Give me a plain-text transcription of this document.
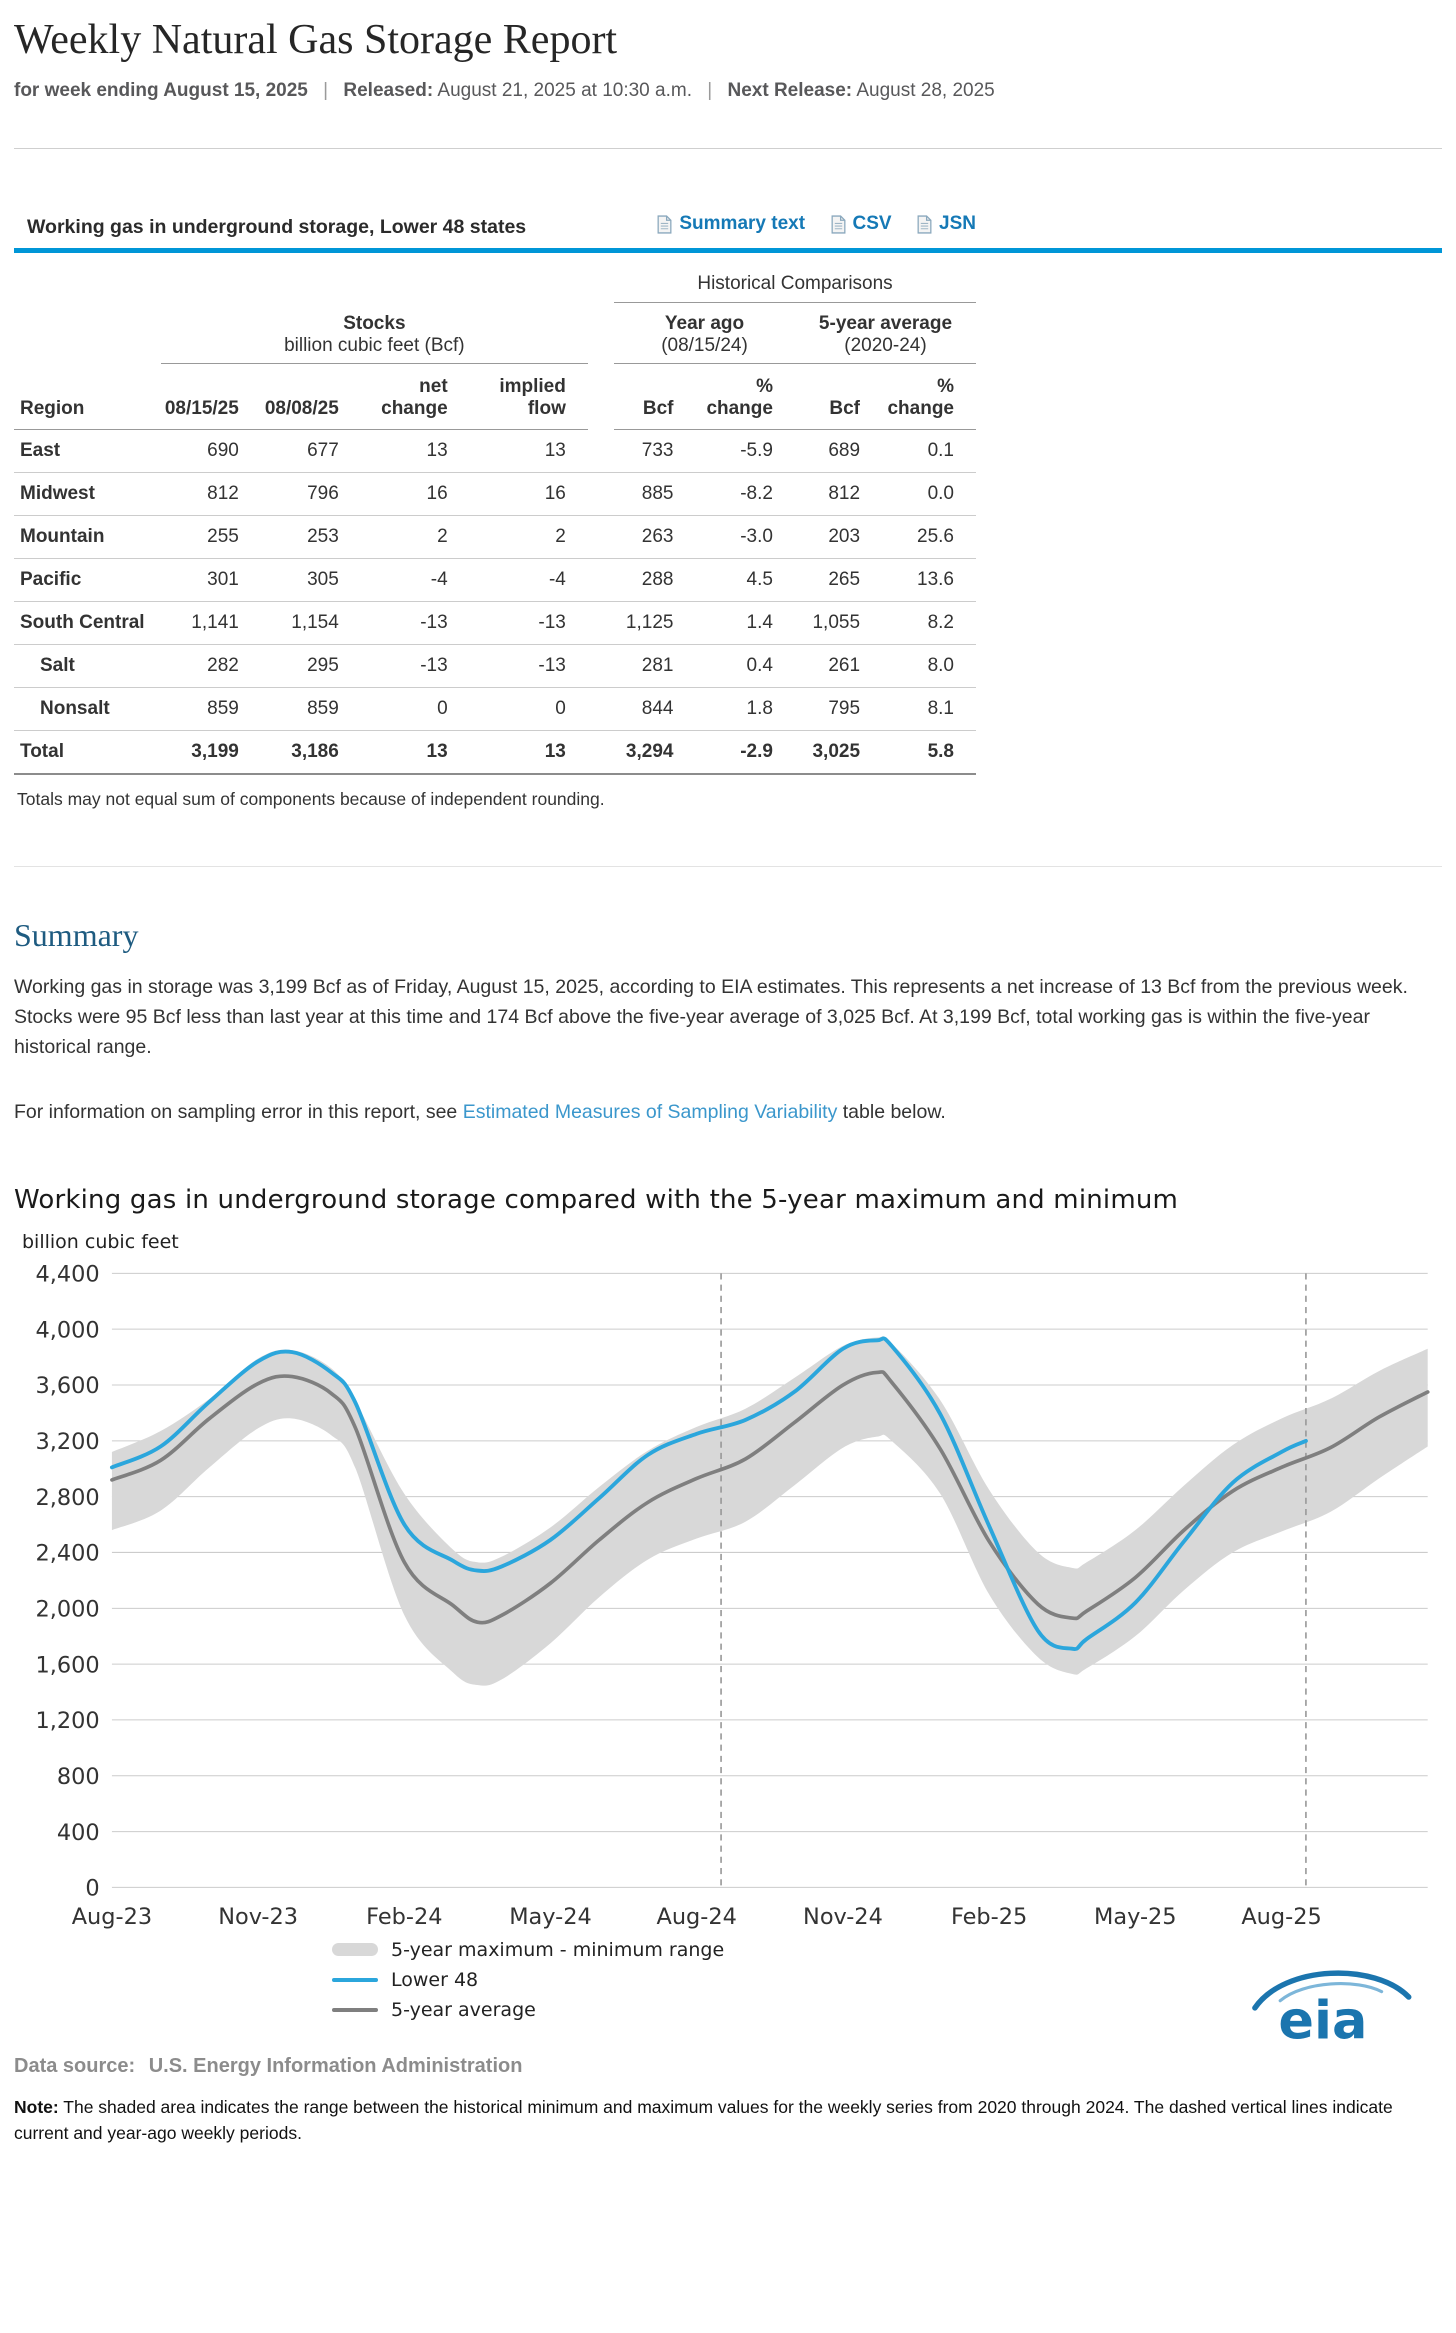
Weekly Natural Gas Storage Report
for week ending August 15, 2025 | Released: August 21, 2025 at 10:30 a.m. | Next Release: August 28, 2025
Working gas in underground storage, Lower 48 states	Summary text
CSV
JSN
						Historical Comparisons			

Stocks
billion cubic feet (Bcf)

Year ago
(08/15/24)

5-year average
(2020-24)

Region	08/15/25	08/08/25	net change	implied flow		Bcf	% change	Bcf	% change
East	690	677	13	13		733	-5.9	689	0.1
Midwest	812	796	16	16		885	-8.2	812	0.0
Mountain	255	253	2	2		263	-3.0	203	25.6
Pacific	301	305	-4	-4		288	4.5	265	13.6
South Central	1,141	1,154	-13	-13		1,125	1.4	1,055	8.2
Salt	282	295	-13	-13		281	0.4	261	8.0
Nonsalt	859	859	0	0		844	1.8	795	8.1
Total	3,199	3,186	13	13		3,294	-2.9	3,025	5.8
Totals may not equal sum of components because of independent rounding.
Summary

Working gas in storage was 3,199 Bcf as of Friday, August 15, 2025, according to EIA estimates. This represents a net increase of 13 Bcf from the previous week. Stocks were 95 Bcf less than last year at this time and 174 Bcf above the five-year average of 3,025 Bcf. At 3,199 Bcf, total working gas is within the five-year historical range.

For information on sampling error in this report, see Estimated Measures of Sampling Variability table below.

Working gas in underground storage compared with the 5-year maximum and minimum
billion cubic feet
0
400
800
1,200
1,600
2,000
2,400
2,800
3,200
3,600
4,000
4,400
Aug-23	Nov-23	Feb-24	May-24	Aug-24	Nov-24	Feb-25	May-25	Aug-25
5-year maximum - minimum range
Lower 48
5-year average	eia
Data source: U.S. Energy Information Administration
Note: The shaded area indicates the range between the historical minimum and maximum values for the weekly series from 2020 through 2024. The dashed vertical lines indicate current and year-ago weekly periods.
